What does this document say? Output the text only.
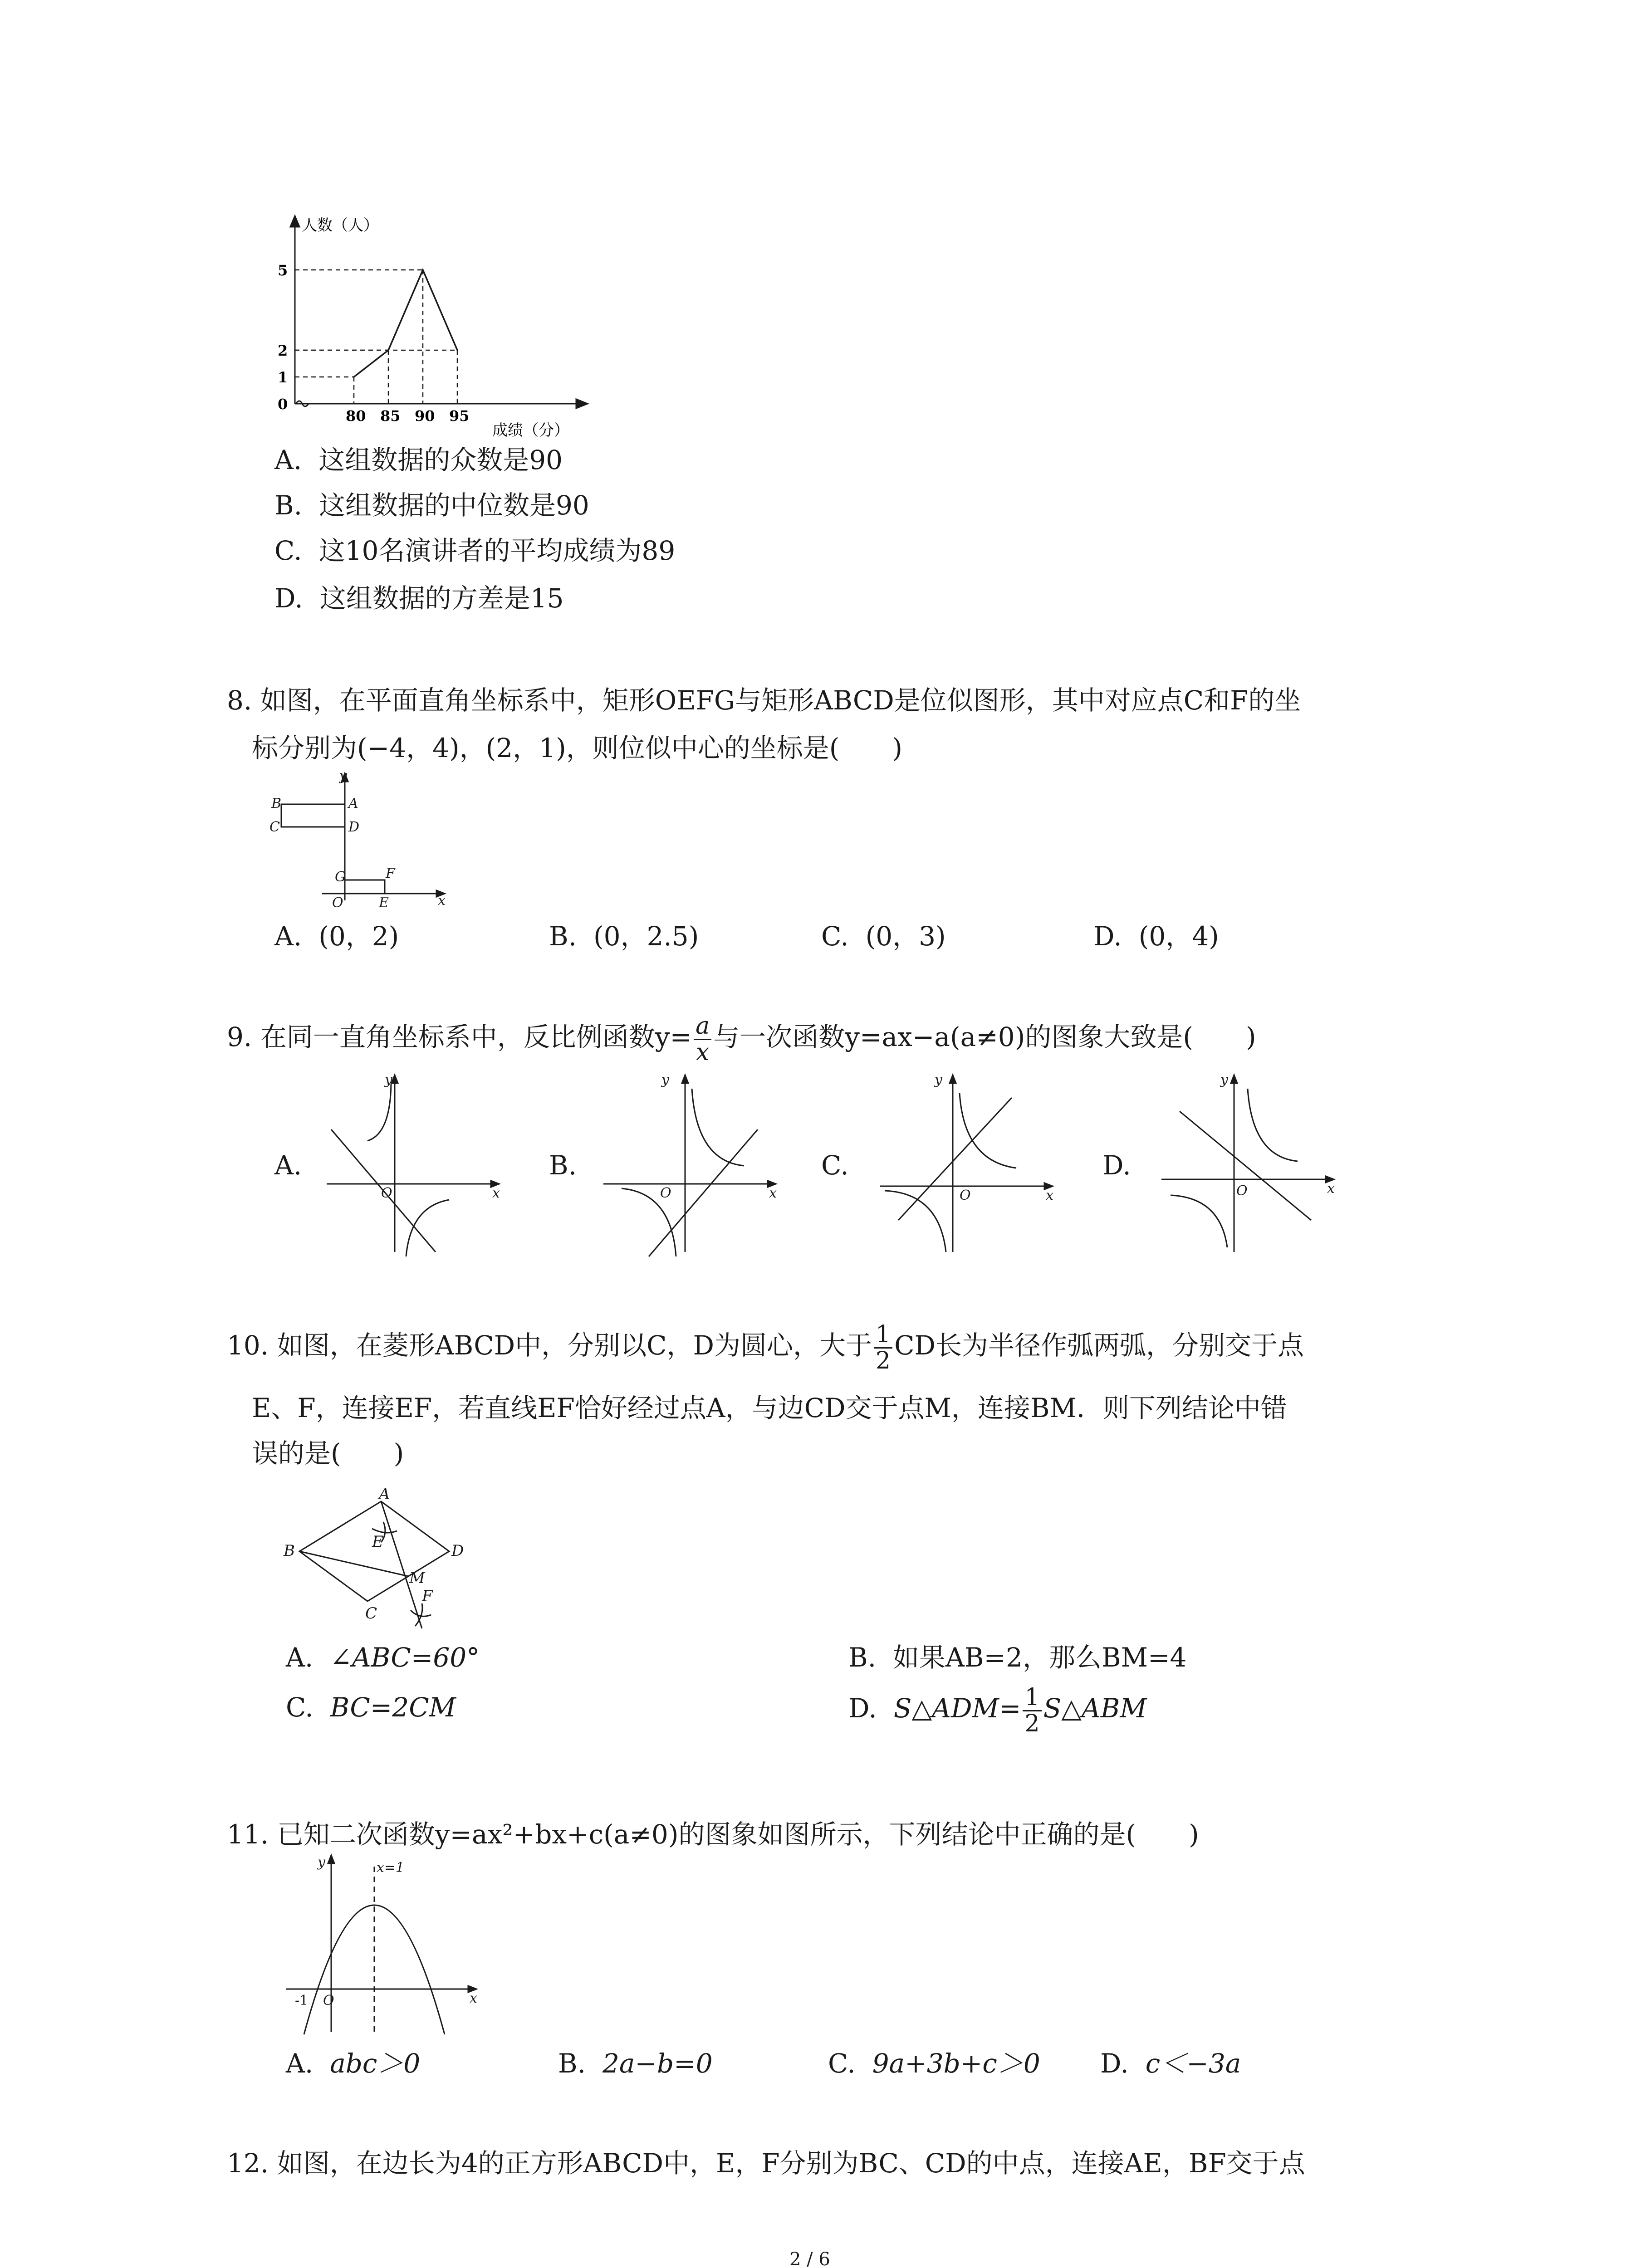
80 85 90 95
0
1
2
5
人数（人）
成绩（分）
A. 这组数据的众数是90
B. 这组数据的中位数是90
C. 这10名演讲者的平均成绩为89
D. 这组数据的方差是15
8. 如图，在平面直角坐标系中，矩形OEFG与矩形ABCD是位似图形，其中对应点C和F的坐
标分别为(−4，4)，(2，1)，则位似中心的坐标是(　　)
y
x
A
B
C	D
G	F
O	E
A. (0，2)	B. (0，2.5)	C. (0，3)	D. (0，4)
9. 在同一直角坐标系中，反比例函数$y= \frac{a}{x}$ 与一次函数y=ax−a(a≠0)的图象大致是(　　)
A.	B.	C.	D.
y
x
O
y
x
O
y
x
O
y
x
O
10. 如图，在菱形ABCD中，分别以C，D为圆心，大于 $\frac{1}{2}$ CD长为半径作弧两弧，分别交于点
E、F，连接EF，若直线EF恰好经过点A，与边CD交于点M，连接BM．则下列结论中错
误的是(　　)
A
B
C
D
E
F
M
A. ∠ABC=60°	B. 如果AB=2，那么BM=4
C. BC=2CM	D. S△ADM= $\frac{1}{2}$ S△ABM
11. 已知二次函数y=ax²+bx+c(a≠0)的图象如图所示，下列结论中正确的是(　　)
y
x
x=1
-1 O
A. abc＞0	B. 2a−b=0	C. 9a+3b+c＞0 D. c＜−3a
12. 如图，在边长为4的正方形ABCD中，E，F分别为BC、CD的中点，连接AE，BF交于点
2 / 6
